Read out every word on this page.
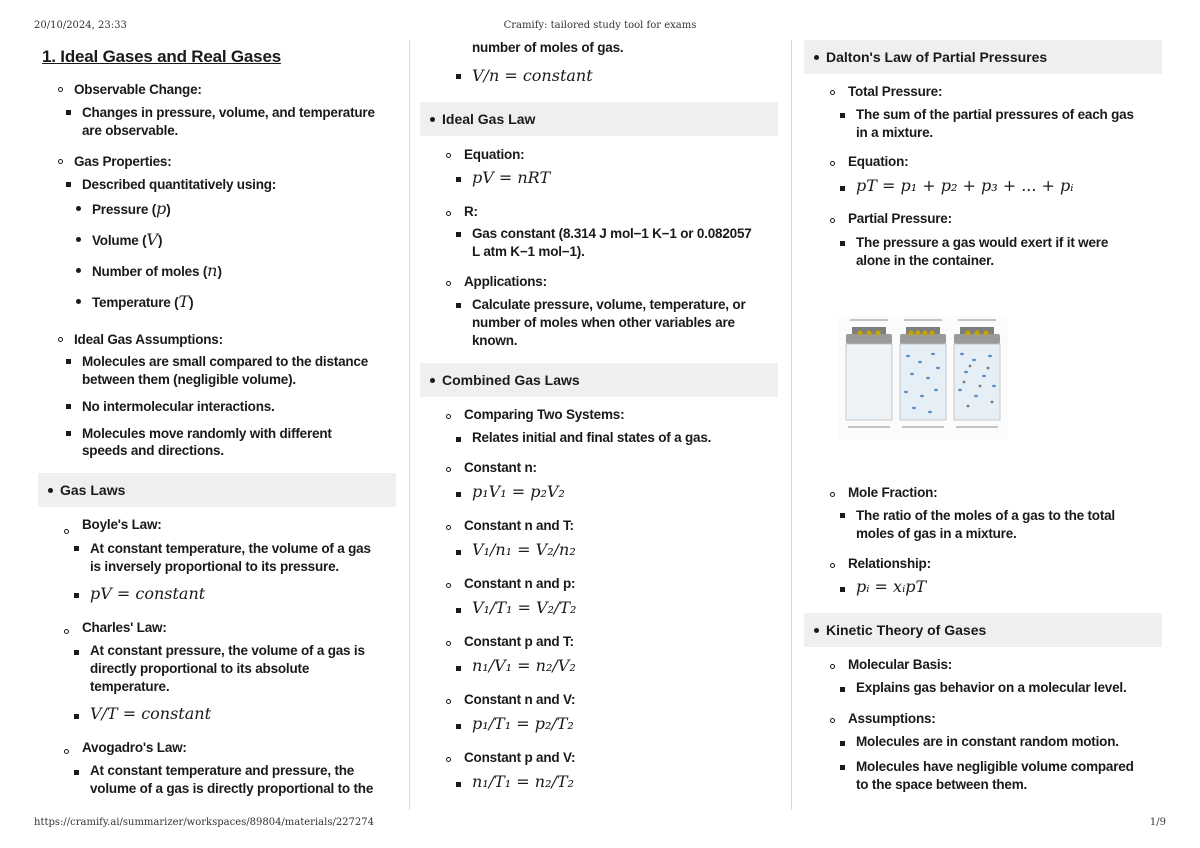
20/10/2024, 23:33	Cramify: tailored study tool for exams
1. Ideal Gases and Real Gases
Observable Change:
Changes in pressure, volume, and temperature
are observable.
Gas Properties:
Described quantitatively using:
Pressure (p)
Volume (V)
Number of moles (n)
Temperature (T)
Ideal Gas Assumptions:
Molecules are small compared to the distance
between them (negligible volume).
No intermolecular interactions.
Molecules move randomly with different
speeds and directions.
Gas Laws
Boyle's Law:
At constant temperature, the volume of a gas
is inversely proportional to its pressure.
pV = constant
Charles' Law:
At constant pressure, the volume of a gas is
directly proportional to its absolute
temperature.
V/T = constant
Avogadro's Law:
At constant temperature and pressure, the
volume of a gas is directly proportional to the
number of moles of gas.
V/n = constant
Ideal Gas Law
Equation:
pV = nRT
R:
Gas constant (8.314 J mol−1 K−1 or 0.082057
L atm K−1 mol−1).
Applications:
Calculate pressure, volume, temperature, or
number of moles when other variables are
known.
Combined Gas Laws
Comparing Two Systems:
Relates initial and final states of a gas.
Constant n:
p₁V₁ = p₂V₂
Constant n and T:
V₁/n₁ = V₂/n₂
Constant n and p:
V₁/T₁ = V₂/T₂
Constant p and T:
n₁/V₁ = n₂/V₂
Constant n and V:
p₁/T₁ = p₂/T₂
Constant p and V:
n₁/T₁ = n₂/T₂
Dalton's Law of Partial Pressures
Total Pressure:
The sum of the partial pressures of each gas
in a mixture.
Equation:
pT = p₁ + p₂ + p₃ + ... + pᵢ
Partial Pressure:
The pressure a gas would exert if it were
alone in the container.
Mole Fraction:
The ratio of the moles of a gas to the total
moles of gas in a mixture.
Relationship:
pᵢ = xᵢpT
Kinetic Theory of Gases
Molecular Basis:
Explains gas behavior on a molecular level.
Assumptions:
Molecules are in constant random motion.
Molecules have negligible volume compared
to the space between them.
https://cramify.ai/summarizer/workspaces/89804/materials/227274	1/9
